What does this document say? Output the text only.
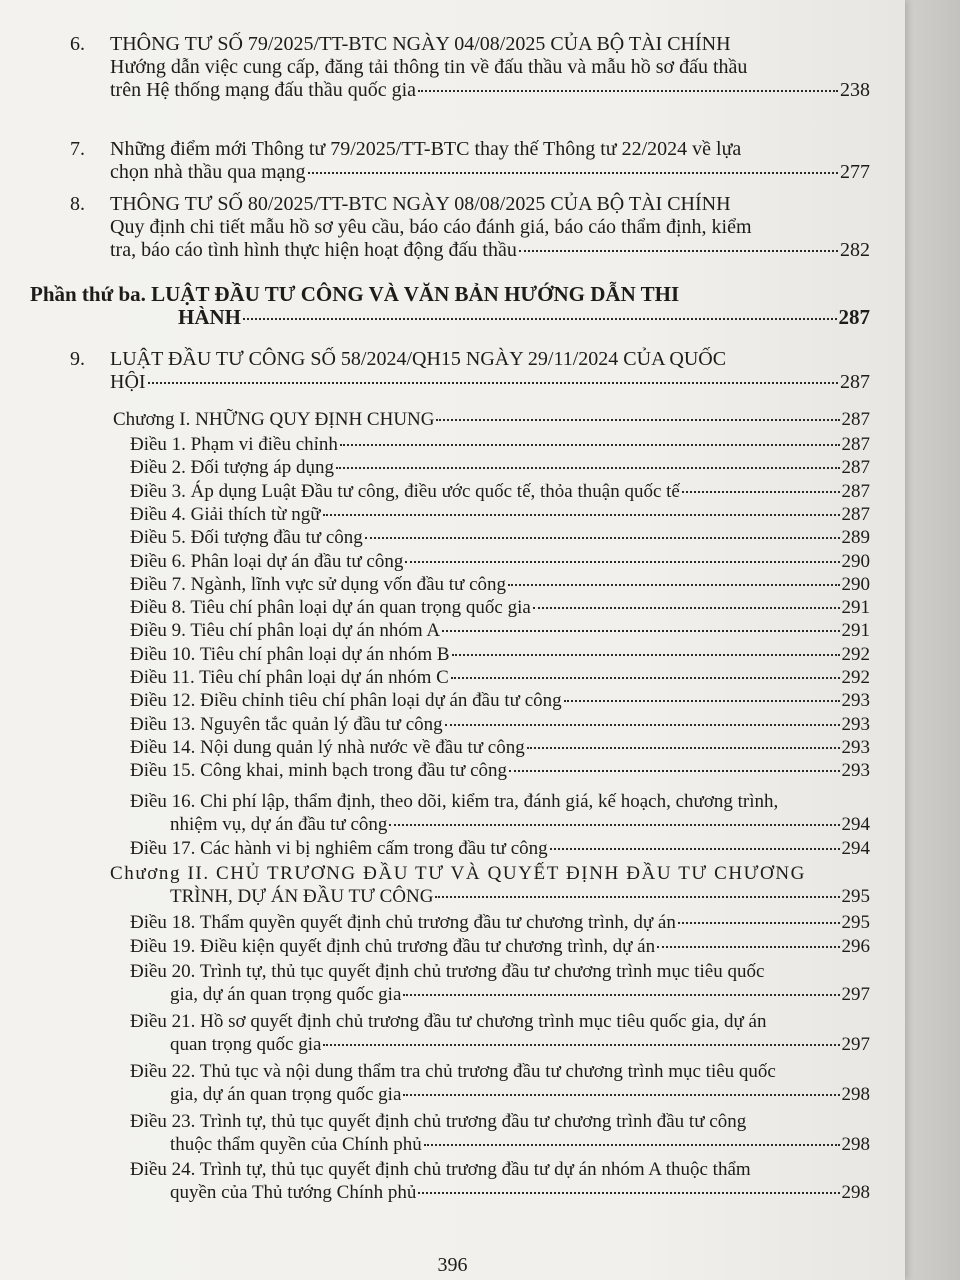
6. THÔNG TƯ SỐ 79/2025/TT-BTC NGÀY 04/08/2025 CỦA BỘ TÀI CHÍNH
Hướng dẫn việc cung cấp, đăng tải thông tin về đấu thầu và mẫu hồ sơ đấu thầu
trên Hệ thống mạng đấu thầu quốc gia	238
7. Những điểm mới Thông tư 79/2025/TT-BTC thay thế Thông tư 22/2024 về lựa
chọn nhà thầu qua mạng	277
8. THÔNG TƯ SỐ 80/2025/TT-BTC NGÀY 08/08/2025 CỦA BỘ TÀI CHÍNH
Quy định chi tiết mẫu hồ sơ yêu cầu, báo cáo đánh giá, báo cáo thẩm định, kiểm
tra, báo cáo tình hình thực hiện hoạt động đấu thầu	282
Phần thứ ba. LUẬT ĐẦU TƯ CÔNG VÀ VĂN BẢN HƯỚNG DẪN THI
HÀNH	287
9. LUẬT ĐẦU TƯ CÔNG SỐ 58/2024/QH15 NGÀY 29/11/2024 CỦA QUỐC
HỘI	287
Chương I. NHỮNG QUY ĐỊNH CHUNG	287
Điều 1. Phạm vi điều chỉnh	287
Điều 2. Đối tượng áp dụng	287
Điều 3. Áp dụng Luật Đầu tư công, điều ước quốc tế, thỏa thuận quốc tế	287
Điều 4. Giải thích từ ngữ	287
Điều 5. Đối tượng đầu tư công	289
Điều 6. Phân loại dự án đầu tư công	290
Điều 7. Ngành, lĩnh vực sử dụng vốn đầu tư công	290
Điều 8. Tiêu chí phân loại dự án quan trọng quốc gia	291
Điều 9. Tiêu chí phân loại dự án nhóm A	291
Điều 10. Tiêu chí phân loại dự án nhóm B	292
Điều 11. Tiêu chí phân loại dự án nhóm C	292
Điều 12. Điều chỉnh tiêu chí phân loại dự án đầu tư công	293
Điều 13. Nguyên tắc quản lý đầu tư công	293
Điều 14. Nội dung quản lý nhà nước về đầu tư công	293
Điều 15. Công khai, minh bạch trong đầu tư công	293
Điều 16. Chi phí lập, thẩm định, theo dõi, kiểm tra, đánh giá, kế hoạch, chương trình,
nhiệm vụ, dự án đầu tư công	294
Điều 17. Các hành vi bị nghiêm cấm trong đầu tư công	294
Chương II. CHỦ TRƯƠNG ĐẦU TƯ VÀ QUYẾT ĐỊNH ĐẦU TƯ CHƯƠNG
TRÌNH, DỰ ÁN ĐẦU TƯ CÔNG	295
Điều 18. Thẩm quyền quyết định chủ trương đầu tư chương trình, dự án	295
Điều 19. Điều kiện quyết định chủ trương đầu tư chương trình, dự án	296
Điều 20. Trình tự, thủ tục quyết định chủ trương đầu tư chương trình mục tiêu quốc
gia, dự án quan trọng quốc gia	297
Điều 21. Hồ sơ quyết định chủ trương đầu tư chương trình mục tiêu quốc gia, dự án
quan trọng quốc gia	297
Điều 22. Thủ tục và nội dung thẩm tra chủ trương đầu tư chương trình mục tiêu quốc
gia, dự án quan trọng quốc gia	298
Điều 23. Trình tự, thủ tục quyết định chủ trương đầu tư chương trình đầu tư công
thuộc thẩm quyền của Chính phủ	298
Điều 24. Trình tự, thủ tục quyết định chủ trương đầu tư dự án nhóm A thuộc thẩm
quyền của Thủ tướng Chính phủ	298
396
